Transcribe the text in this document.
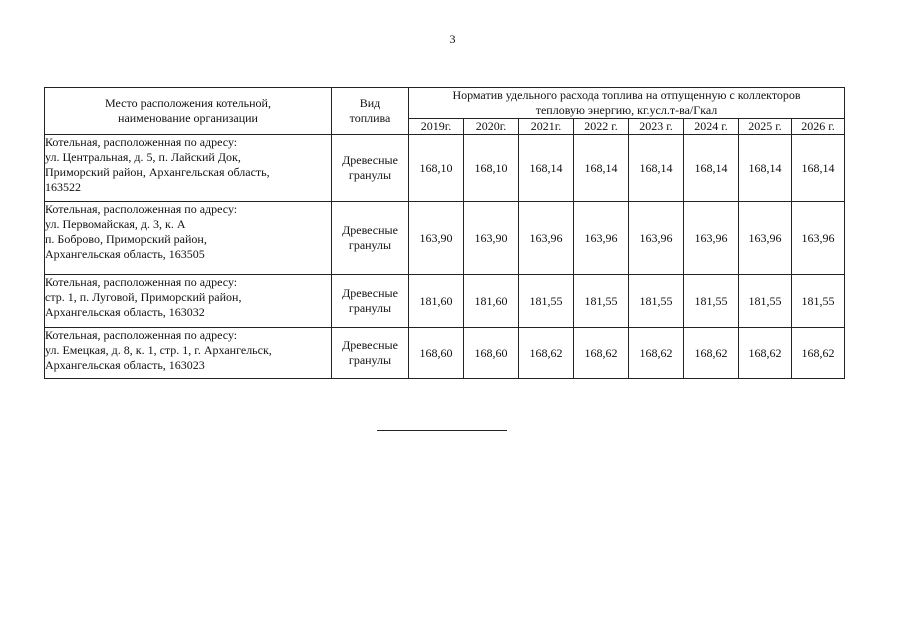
3
Место расположения котельной,
наименование организации	Вид
топлива	Норматив удельного расхода топлива на отпущенную с коллекторов
тепловую энергию, кг.усл.т-ва/Гкал							

		2019г.	2020г.	2021г.	2022 г.	2023 г.	2024 г.	2025 г.	2026 г.

Котельная, расположенная по адресу:
ул. Центральная, д. 5, п. Лайский Док,
Приморский район, Архангельская область,
163522	Древесные
гранулы	168,10	168,10	168,14	168,14	168,14	168,14	168,14	168,14

Котельная, расположенная по адресу:
ул. Первомайская, д. 3, к. А
п. Боброво, Приморский район,
Архангельская область, 163505	Древесные
гранулы	163,90	163,90	163,96	163,96	163,96	163,96	163,96	163,96

Котельная, расположенная по адресу:
стр. 1, п. Луговой, Приморский район,
Архангельская область, 163032	Древесные
гранулы	181,60	181,60	181,55	181,55	181,55	181,55	181,55	181,55

Котельная, расположенная по адресу:
ул. Емецкая, д. 8, к. 1, стр. 1, г. Архангельск,
Архангельская область, 163023	Древесные
гранулы	168,60	168,60	168,62	168,62	168,62	168,62	168,62	168,62
